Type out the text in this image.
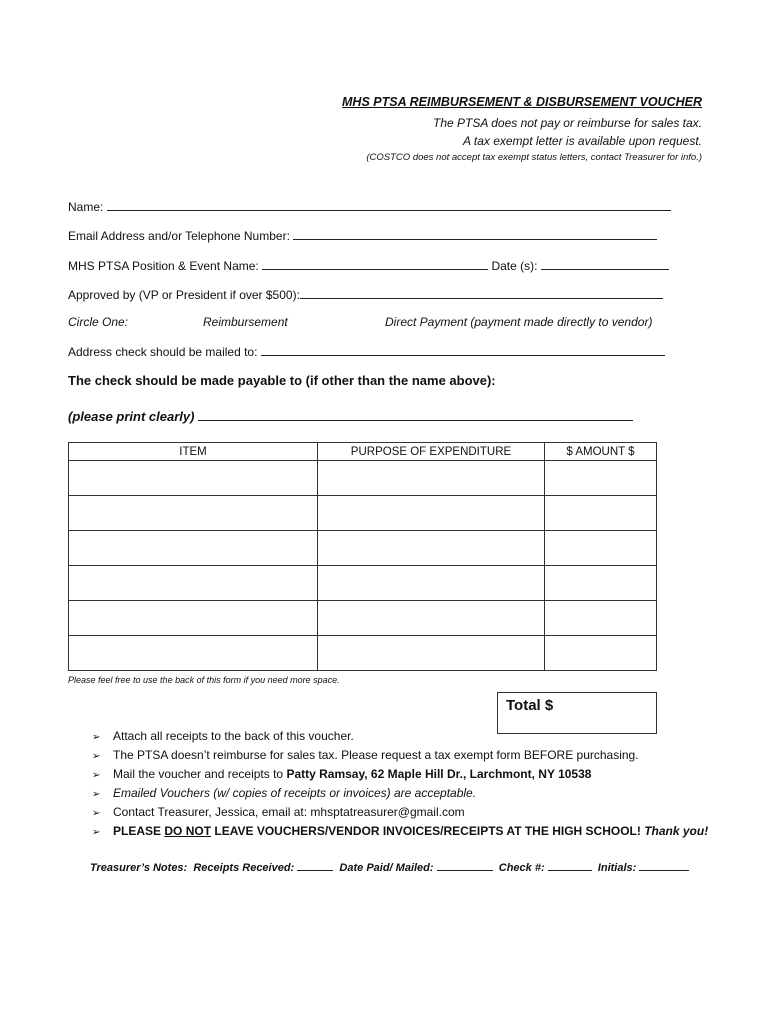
MHS PTSA REIMBURSEMENT & DISBURSEMENT VOUCHER
The PTSA does not pay or reimburse for sales tax.
A tax exempt letter is available upon request.
(COSTCO does not accept tax exempt status letters, contact Treasurer for info.)
Name:
Email Address and/or Telephone Number:
MHS PTSA Position & Event Name:	Date (s):
Approved by (VP or President if over $500):
Circle One:	Reimbursement	Direct Payment (payment made directly to vendor)
Address check should be mailed to:
The check should be made payable to (if other than the name above):
(please print clearly)
ITEM	PURPOSE OF EXPENDITURE	$ AMOUNT $

Please feel free to use the back of this form if you need more space.
Total $
➢ Attach all receipts to the back of this voucher.
➢ The PTSA doesn’t reimburse for sales tax. Please request a tax exempt form BEFORE purchasing.
➢ Mail the voucher and receipts to Patty Ramsay, 62 Maple Hill Dr., Larchmont, NY 10538
➢ Emailed Vouchers (w/ copies of receipts or invoices) are acceptable.
➢ Contact Treasurer, Jessica, email at: mhsptatreasurer@gmail.com
➢ PLEASE DO NOT LEAVE VOUCHERS/VENDOR INVOICES/RECEIPTS AT THE HIGH SCHOOL! Thank you!
Treasurer’s Notes: Receipts Received:	Date Paid/ Mailed:	Check #:	Initials:
